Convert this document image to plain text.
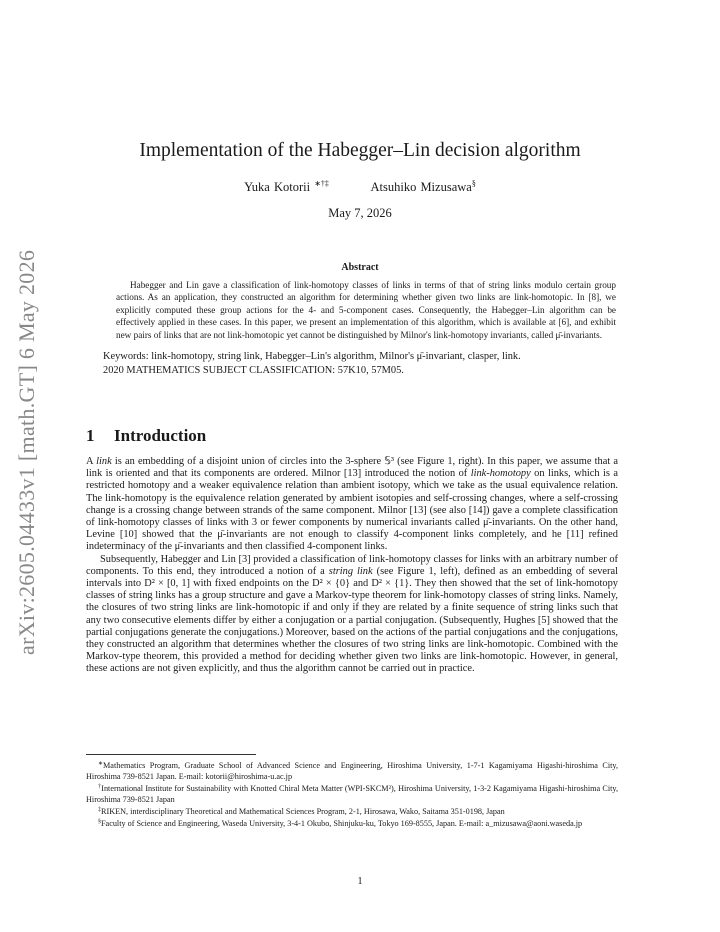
arXiv:2605.04433v1 [math.GT] 6 May 2026
Implementation of the Habegger–Lin decision algorithm
Yuka Kotorii ∗†‡	Atsuhiko Mizusawa§
May 7, 2026
Abstract
Habegger and Lin gave a classification of link-homotopy classes of links in terms of that of string links modulo certain group actions. As an application, they constructed an algorithm for determining whether given two links are link-homotopic. In [8], we explicitly computed these group actions for the 4- and 5-component cases. Consequently, the Habegger–Lin algorithm can be effectively applied in these cases. In this paper, we present an implementation of this algorithm, which is available at [6], and exhibit new pairs of links that are not link-homotopic yet cannot be distinguished by Milnor's link-homotopy invariants, called μ̄-invariants.
Keywords: link-homotopy, string link, Habegger–Lin's algorithm, Milnor's μ̄-invariant, clasper, link.
2020 MATHEMATICS SUBJECT CLASSIFICATION: 57K10, 57M05.
1 Introduction

A link is an embedding of a disjoint union of circles into the 3-sphere 𝕊³ (see Figure 1, right). In this paper, we assume that a link is oriented and that its components are ordered. Milnor [13] introduced the notion of link-homotopy on links, which is a restricted homotopy and a weaker equivalence relation than ambient isotopy, which we take as the usual equivalence relation. The link-homotopy is the equivalence relation generated by ambient isotopies and self-crossing changes, where a self-crossing change is a crossing change between strands of the same component. Milnor [13] (see also [14]) gave a complete classification of link-homotopy classes of links with 3 or fewer components by numerical invariants called μ̄-invariants. On the other hand, Levine [10] showed that the μ̄-invariants are not enough to classify 4-component links completely, and he [11] refined indeterminacy of the μ̄-invariants and then classified 4-component links.

Subsequently, Habegger and Lin [3] provided a classification of link-homotopy classes for links with an arbitrary number of components. To this end, they introduced a notion of a string link (see Figure 1, left), defined as an embedding of several intervals into D² × [0, 1] with fixed endpoints on the D² × {0} and D² × {1}. They then showed that the set of link-homotopy classes of string links has a group structure and gave a Markov-type theorem for link-homotopy classes of string links. Namely, the closures of two string links are link-homotopic if and only if they are related by a finite sequence of string links such that any two consecutive elements differ by either a conjugation or a partial conjugation. (Subsequently, Hughes [5] showed that the partial conjugations generate the conjugations.) Moreover, based on the actions of the partial conjugations and the conjugations, they constructed an algorithm that determines whether the closures of two string links are link-homotopic. Combined with the Markov-type theorem, this provided a method for deciding whether given two links are link-homotopic. However, in general, these actions are not given explicitly, and thus the algorithm cannot be carried out in practice.

∗Mathematics Program, Graduate School of Advanced Science and Engineering, Hiroshima University, 1-7-1 Kagamiyama Higashi-hiroshima City, Hiroshima 739-8521 Japan. E-mail: kotorii@hiroshima-u.ac.jp

†International Institute for Sustainability with Knotted Chiral Meta Matter (WPI-SKCM²), Hiroshima University, 1-3-2 Kagamiyama Higashi-hiroshima City, Hiroshima 739-8521 Japan

‡RIKEN, interdisciplinary Theoretical and Mathematical Sciences Program, 2-1, Hirosawa, Wako, Saitama 351-0198, Japan

§Faculty of Science and Engineering, Waseda University, 3-4-1 Okubo, Shinjuku-ku, Tokyo 169-8555, Japan. E-mail: a_mizusawa@aoni.waseda.jp

1
